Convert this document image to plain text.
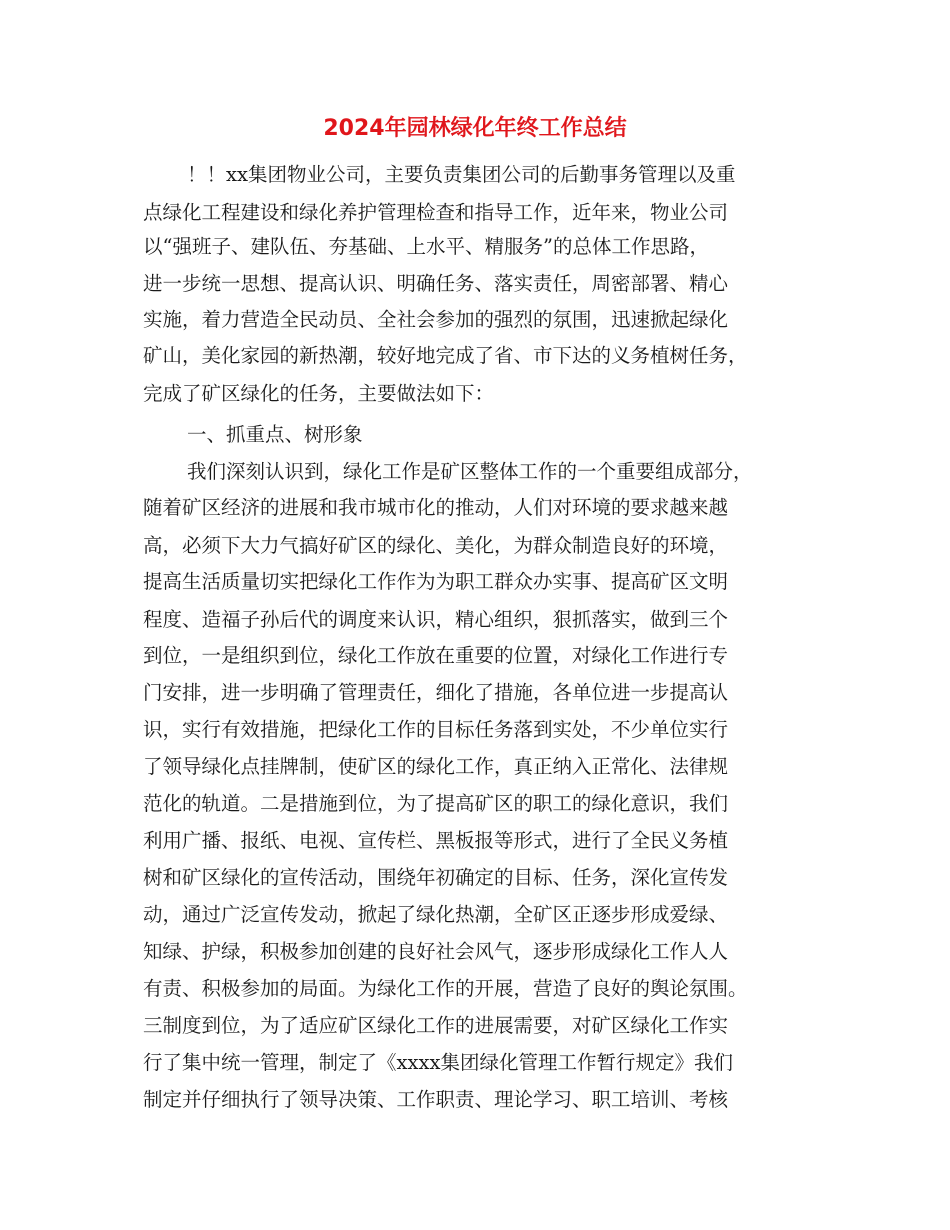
2024年园林绿化年终工作总结
！！xx集团物业公司，主要负责集团公司的后勤事务管理以及重
点绿化工程建设和绿化养护管理检查和指导工作，近年来，物业公司
以“强班子、建队伍、夯基础、上水平、精服务”的总体工作思路，
进一步统一思想、提高认识、明确任务、落实责任，周密部署、精心
实施，着力营造全民动员、全社会参加的强烈的氛围，迅速掀起绿化
矿山，美化家园的新热潮，较好地完成了省、市下达的义务植树任务，
完成了矿区绿化的任务，主要做法如下：
一、抓重点、树形象
我们深刻认识到，绿化工作是矿区整体工作的一个重要组成部分，
随着矿区经济的进展和我市城市化的推动，人们对环境的要求越来越
高，必须下大力气搞好矿区的绿化、美化，为群众制造良好的环境，
提高生活质量切实把绿化工作作为为职工群众办实事、提高矿区文明
程度、造福子孙后代的调度来认识，精心组织，狠抓落实，做到三个
到位，一是组织到位，绿化工作放在重要的位置，对绿化工作进行专
门安排，进一步明确了管理责任，细化了措施，各单位进一步提高认
识，实行有效措施，把绿化工作的目标任务落到实处，不少单位实行
了领导绿化点挂牌制，使矿区的绿化工作，真正纳入正常化、法律规
范化的轨道。二是措施到位，为了提高矿区的职工的绿化意识，我们
利用广播、报纸、电视、宣传栏、黑板报等形式，进行了全民义务植
树和矿区绿化的宣传活动，围绕年初确定的目标、任务，深化宣传发
动，通过广泛宣传发动，掀起了绿化热潮，全矿区正逐步形成爱绿、
知绿、护绿，积极参加创建的良好社会风气，逐步形成绿化工作人人
有责、积极参加的局面。为绿化工作的开展，营造了良好的舆论氛围。
三制度到位，为了适应矿区绿化工作的进展需要，对矿区绿化工作实
行了集中统一管理，制定了《xxxx集团绿化管理工作暂行规定》我们
制定并仔细执行了领导决策、工作职责、理论学习、职工培训、考核
